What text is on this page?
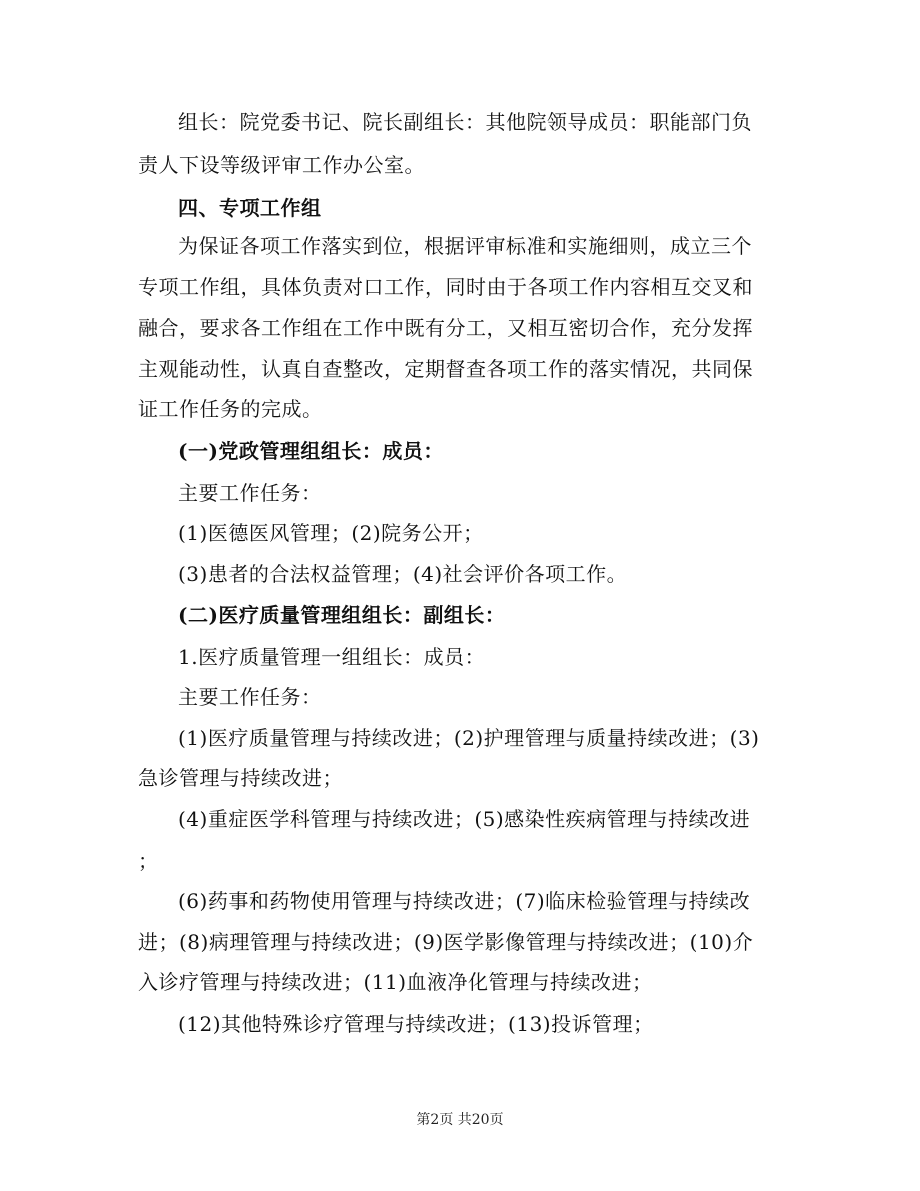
组长：院党委书记、院长副组长：其他院领导成员：职能部门负
责人下设等级评审工作办公室。
四、专项工作组
为保证各项工作落实到位，根据评审标准和实施细则，成立三个
专项工作组，具体负责对口工作，同时由于各项工作内容相互交叉和
融合，要求各工作组在工作中既有分工，又相互密切合作，充分发挥
主观能动性，认真自查整改，定期督查各项工作的落实情况，共同保
证工作任务的完成。
(一)党政管理组组长：成员：
主要工作任务：
(1)医德医风管理；(2)院务公开；
(3)患者的合法权益管理；(4)社会评价各项工作。
(二)医疗质量管理组组长：副组长：
1.医疗质量管理一组组长：成员：
主要工作任务：
(1)医疗质量管理与持续改进；(2)护理管理与质量持续改进；(3)
急诊管理与持续改进；
(4)重症医学科管理与持续改进；(5)感染性疾病管理与持续改进
；
(6)药事和药物使用管理与持续改进；(7)临床检验管理与持续改
进；(8)病理管理与持续改进；(9)医学影像管理与持续改进；(10)介
入诊疗管理与持续改进；(11)血液净化管理与持续改进；
(12)其他特殊诊疗管理与持续改进；(13)投诉管理；
第2页 共20页
